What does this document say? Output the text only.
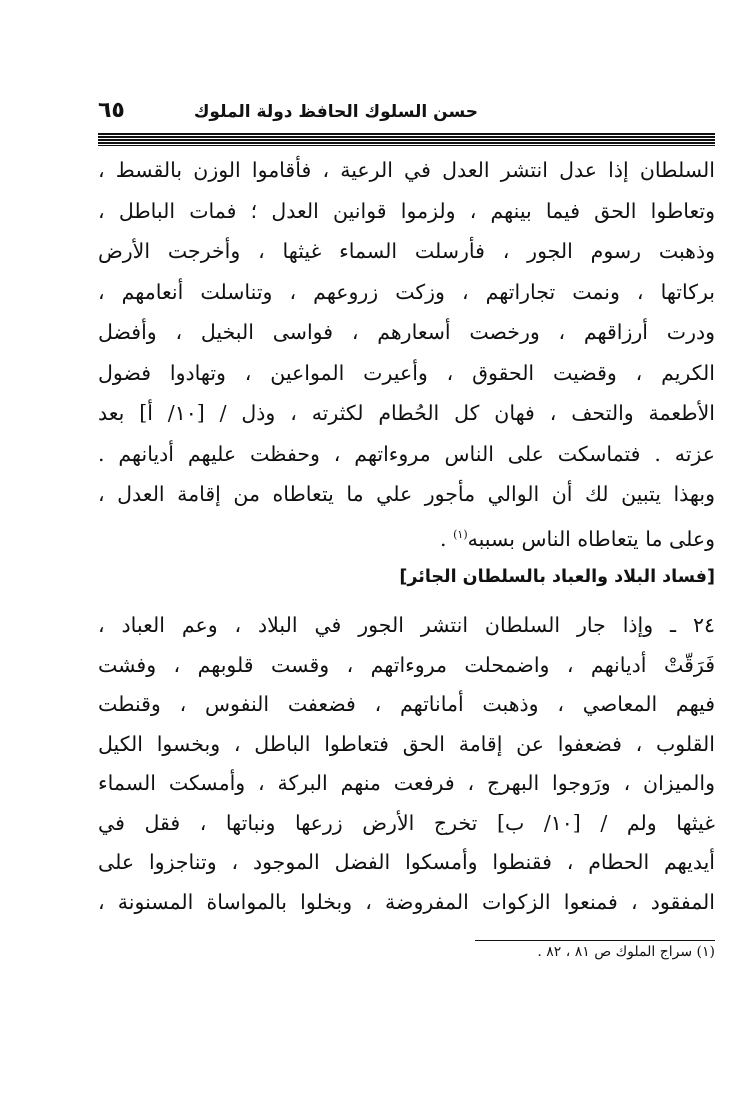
حسن السلوك الحافظ دولة الملوك
٦٥
السلطان إذا عدل انتشر العدل في الرعية ، فأقاموا الوزن بالقسط ،
وتعاطوا الحق فيما بينهم ، ولزموا قوانين العدل ؛ فمات الباطل ،
وذهبت رسوم الجور ، فأرسلت السماء غيثها ، وأخرجت الأرض
بركاتها ، ونمت تجاراتهم ، وزكت زروعهم ، وتناسلت أنعامهم ،
ودرت أرزاقهم ، ورخصت أسعارهم ، فواسى البخيل ، وأفضل
الكريم ، وقضيت الحقوق ، وأعيرت المواعين ، وتهادوا فضول
الأطعمة والتحف ، فهان كل الحُطام لكثرته ، وذل / [١٠/ أ] بعد
عزته . فتماسكت على الناس مروءاتهم ، وحفظت عليهم أديانهم .
وبهذا يتبين لك أن الوالي مأجور علي ما يتعاطاه من إقامة العدل ،
وعلى ما يتعاطاه الناس بسببه$^{(١)}$ .
[فساد البلاد والعباد بالسلطان الجائر]
٢٤ ـ وإذا جار السلطان انتشر الجور في البلاد ، وعم العباد ،
فَرَقّتْ أديانهم ، واضمحلت مروءاتهم ، وقست قلوبهم ، وفشت
فيهم المعاصي ، وذهبت أماناتهم ، فضعفت النفوس ، وقنطت
القلوب ، فضعفوا عن إقامة الحق فتعاطوا الباطل ، وبخسوا الكيل
والميزان ، ورَوجوا البهرج ، فرفعت منهم البركة ، وأمسكت السماء
غيثها ولم / [١٠/ ب] تخرج الأرض زرعها ونباتها ، فقل في
أيديهم الحطام ، فقنطوا وأمسكوا الفضل الموجود ، وتناجزوا على
المفقود ، فمنعوا الزكوات المفروضة ، وبخلوا بالمواساة المسنونة ،
(١) سراج الملوك ص ٨١ ، ٨٢ .
